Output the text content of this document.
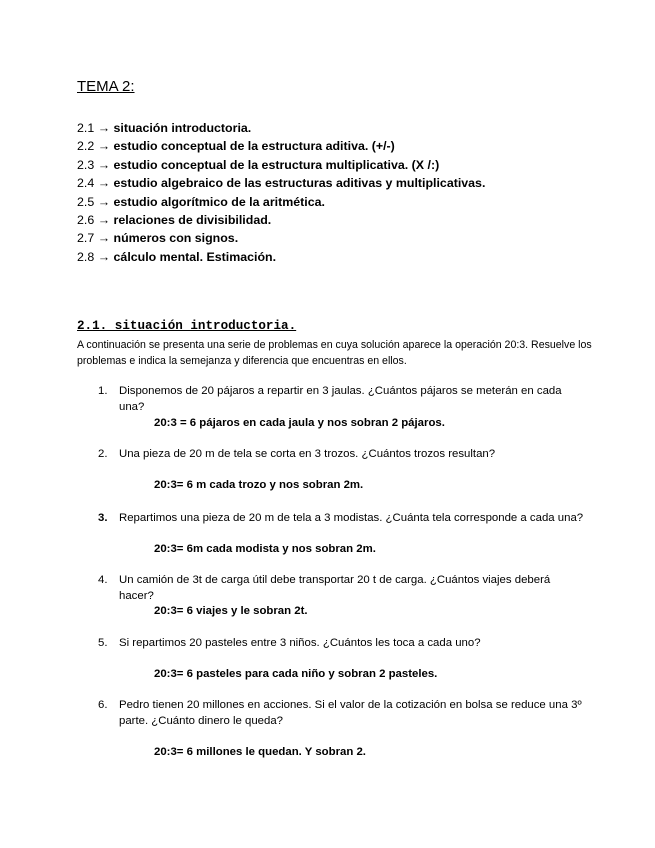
TEMA 2:
2.1 → situación introductoria.
2.2 → estudio conceptual de la estructura aditiva. (+/-)
2.3 → estudio conceptual de la estructura multiplicativa. (X /:)
2.4 → estudio algebraico de las estructuras aditivas y multiplicativas.
2.5 → estudio algorítmico de la aritmética.
2.6 → relaciones de divisibilidad.
2.7 → números con signos.
2.8 → cálculo mental. Estimación.
2.1. situación introductoria.

A continuación se presenta una serie de problemas en cuya solución aparece la operación 20:3. Resuelve los problemas e indica la semejanza y diferencia que encuentras en ellos.

1. Disponemos de 20 pájaros a repartir en 3 jaulas. ¿Cuántos pájaros se meterán en cada una?
20:3 = 6 pájaros en cada jaula y nos sobran 2 pájaros.
2. Una pieza de 20 m de tela se corta en 3 trozos. ¿Cuántos trozos resultan?
20:3= 6 m cada trozo y nos sobran 2m.
3. Repartimos una pieza de 20 m de tela a 3 modistas. ¿Cuánta tela corresponde a cada una?
20:3= 6m cada modista y nos sobran 2m.
4. Un camión de 3t de carga útil debe transportar 20 t de carga. ¿Cuántos viajes deberá hacer?
20:3= 6 viajes y le sobran 2t.
5. Si repartimos 20 pasteles entre 3 niños. ¿Cuántos les toca a cada uno?
20:3= 6 pasteles para cada niño y sobran 2 pasteles.
6. Pedro tienen 20 millones en acciones. Si el valor de la cotización en bolsa se reduce una 3º parte. ¿Cuánto dinero le queda?
20:3= 6 millones le quedan. Y sobran 2.
